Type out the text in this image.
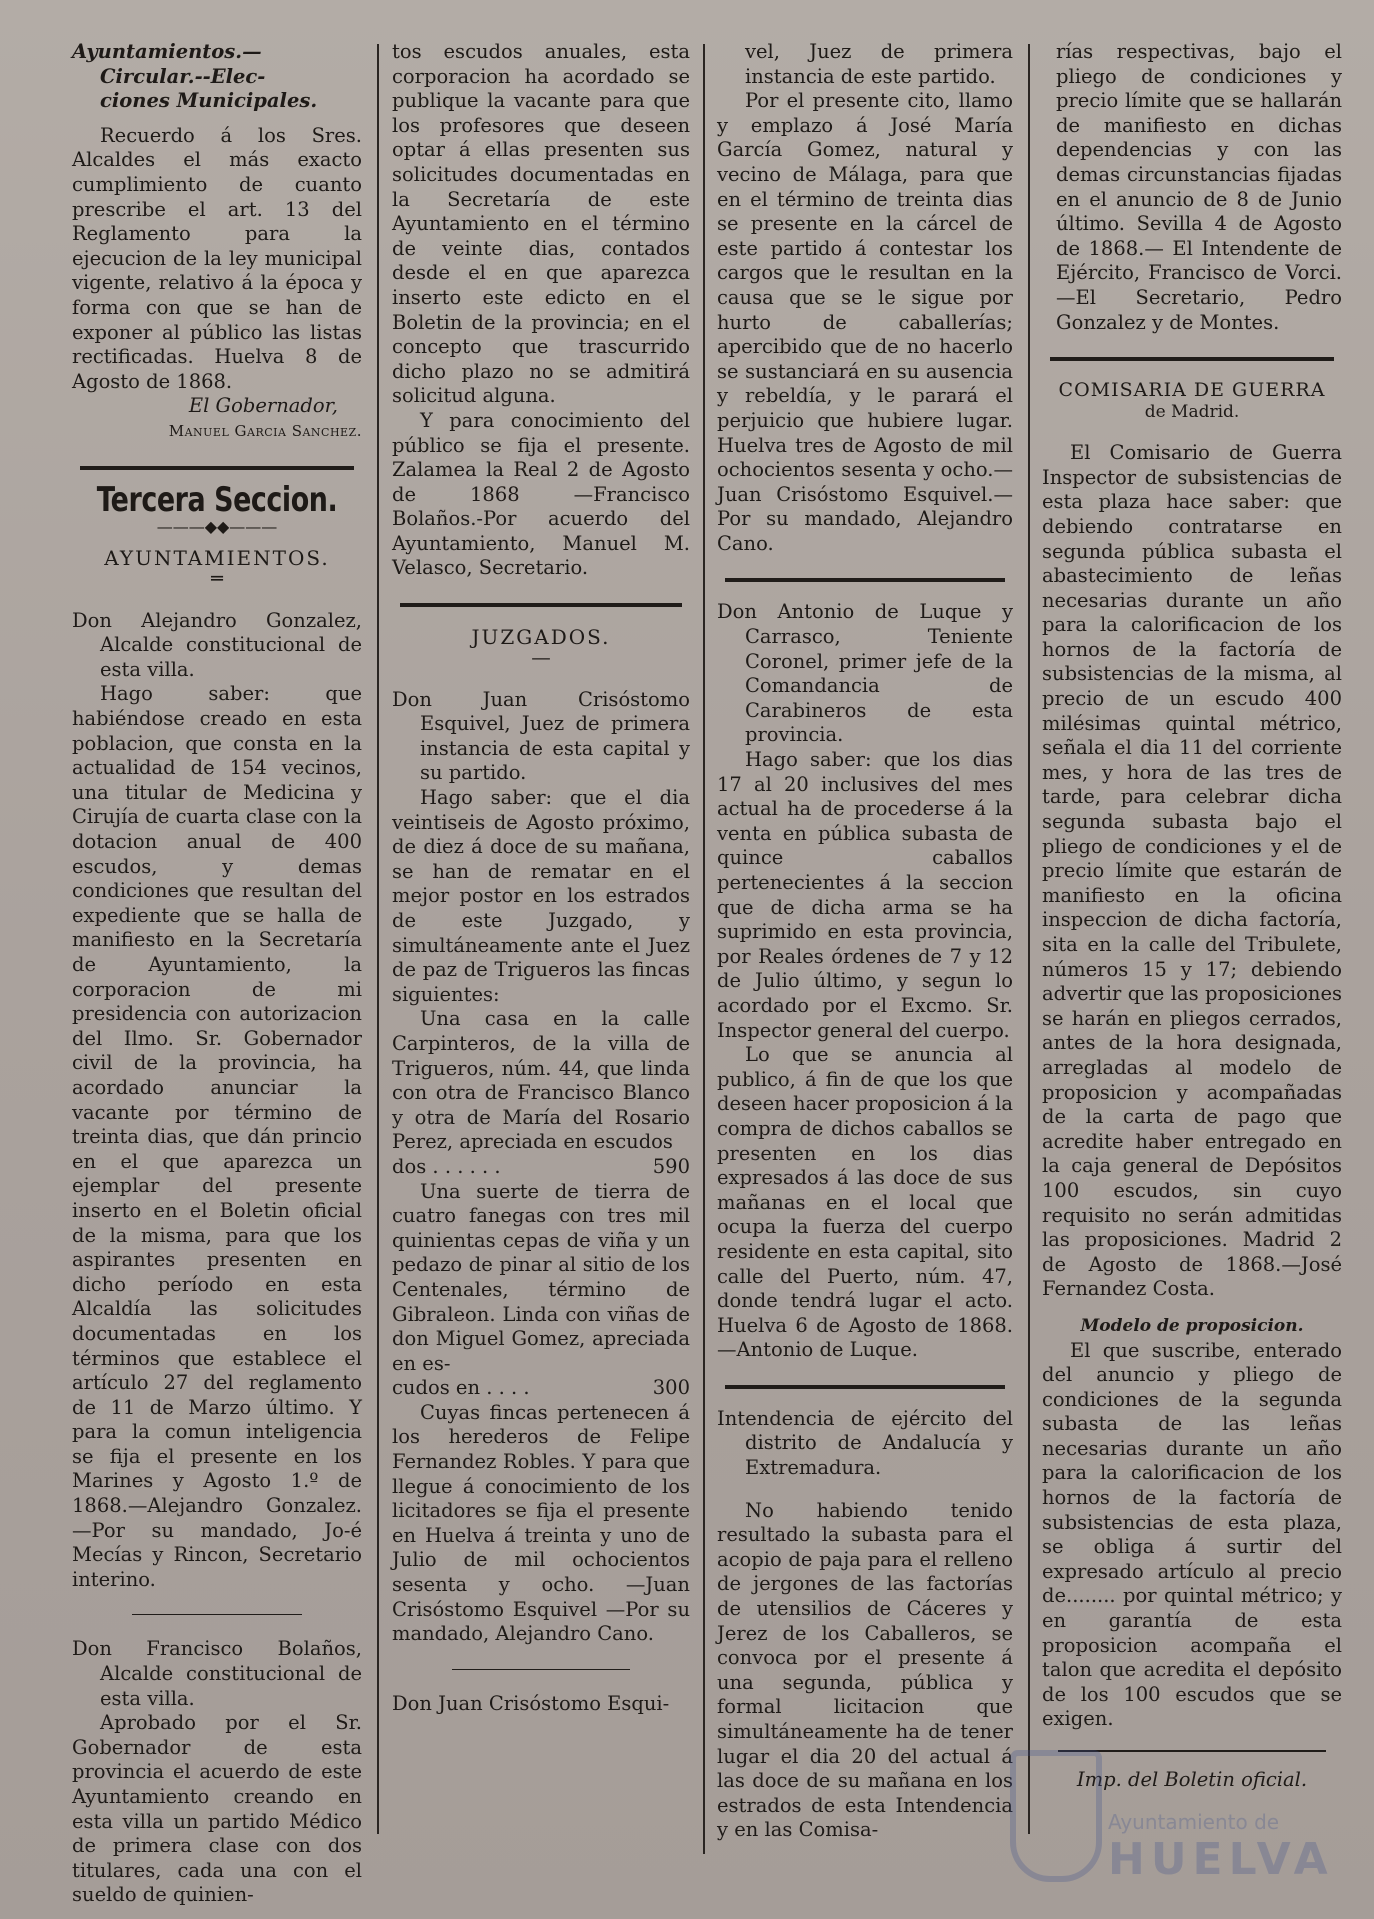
Ayuntamientos.—Circular.--Elec-
ciones Municipales.

Recuerdo á los Sres. Alcaldes el más exacto cumplimiento de cuanto prescribe el art. 13 del Reglamento para la ejecucion de la ley municipal vigente, relativo á la época y forma con que se han de exponer al público las listas rectificadas. Huelva 8 de Agosto de 1868.

El Gobernador,

Manuel Garcia Sanchez.

Tercera Seccion.

———◆◆———

AYUNTAMIENTOS.

═

Don Alejandro Gonzalez, Alcalde constitucional de esta villa.

Hago saber: que habiéndose creado en esta poblacion, que consta en la actualidad de 154 vecinos, una titular de Medicina y Cirujía de cuarta clase con la dotacion anual de 400 escudos, y demas condiciones que resultan del expediente que se halla de manifiesto en la Secretaría de Ayuntamiento, la corporacion de mi presidencia con autorizacion del Ilmo. Sr. Gobernador civil de la provincia, ha acordado anunciar la vacante por término de treinta dias, que dán princio en el que aparezca un ejemplar del presente inserto en el Boletin oficial de la misma, para que los aspirantes presenten en dicho período en esta Alcaldía las solicitudes documentadas en los términos que establece el artículo 27 del reglamento de 11 de Marzo último. Y para la comun inteligencia se fija el presente en los Marines y Agosto 1.º de 1868.—Alejandro Gonzalez. —Por su mandado, Jo-é Mecías y Rincon, Secretario interino.

Don Francisco Bolaños, Alcalde constitucional de esta villa.

Aprobado por el Sr. Gobernador de esta provincia el acuerdo de este Ayuntamiento creando en esta villa un partido Médico de primera clase con dos titulares, cada una con el sueldo de quinien-

tos escudos anuales, esta corporacion ha acordado se publique la vacante para que los profesores que deseen optar á ellas presenten sus solicitudes documentadas en la Secretaría de este Ayuntamiento en el término de veinte dias, contados desde el en que aparezca inserto este edicto en el Boletin de la provincia; en el concepto que trascurrido dicho plazo no se admitirá solicitud alguna.

Y para conocimiento del público se fija el presente. Zalamea la Real 2 de Agosto de 1868 —Francisco Bolaños.-Por acuerdo del Ayuntamiento, Manuel M. Velasco, Secretario.

JUZGADOS.

—

Don Juan Crisóstomo Esquivel, Juez de primera instancia de esta capital y su partido.

Hago saber: que el dia veintiseis de Agosto próximo, de diez á doce de su mañana, se han de rematar en el mejor postor en los estrados de este Juzgado, y simultáneamente ante el Juez de paz de Trigueros las fincas siguientes:

Una casa en la calle Carpinteros, de la villa de Trigueros, núm. 44, que linda con otra de Francisco Blanco y otra de María del Rosario Perez, apreciada en escudos

dos . . . . . .	590

Una suerte de tierra de cuatro fanegas con tres mil quinientas cepas de viña y un pedazo de pinar al sitio de los Centenales, término de Gibraleon. Linda con viñas de don Miguel Gomez, apreciada en es-

cudos en . . . .	300

Cuyas fincas pertenecen á los herederos de Felipe Fernandez Robles. Y para que llegue á conocimiento de los licitadores se fija el presente en Huelva á treinta y uno de Julio de mil ochocientos sesenta y ocho. —Juan Crisóstomo Esquivel —Por su mandado, Alejandro Cano.

Don Juan Crisóstomo Esqui-

vel, Juez de primera instancia de este partido.

Por el presente cito, llamo y emplazo á José María García Gomez, natural y vecino de Málaga, para que en el término de treinta dias se presente en la cárcel de este partido á contestar los cargos que le resultan en la causa que se le sigue por hurto de caballerías; apercibido que de no hacerlo se sustanciará en su ausencia y rebeldía, y le parará el perjuicio que hubiere lugar. Huelva tres de Agosto de mil ochocientos sesenta y ocho.—Juan Crisóstomo Esquivel.—Por su mandado, Alejandro Cano.

Don Antonio de Luque y Carrasco, Teniente Coronel, primer jefe de la Comandancia de Carabineros de esta provincia.

Hago saber: que los dias 17 al 20 inclusives del mes actual ha de procederse á la venta en pública subasta de quince caballos pertenecientes á la seccion que de dicha arma se ha suprimido en esta provincia, por Reales órdenes de 7 y 12 de Julio último, y segun lo acordado por el Excmo. Sr. Inspector general del cuerpo.

Lo que se anuncia al publico, á fin de que los que deseen hacer proposicion á la compra de dichos caballos se presenten en los dias expresados á las doce de sus mañanas en el local que ocupa la fuerza del cuerpo residente en esta capital, sito calle del Puerto, núm. 47, donde tendrá lugar el acto. Huelva 6 de Agosto de 1868.—Antonio de Luque.

Intendencia de ejército del distrito de Andalucía y Extremadura.

No habiendo tenido resultado la subasta para el acopio de paja para el relleno de jergones de las factorías de utensilios de Cáceres y Jerez de los Caballeros, se convoca por el presente á una segunda, pública y formal licitacion que simultáneamente ha de tener lugar el dia 20 del actual á las doce de su mañana en los estrados de esta Intendencia y en las Comisa-

rías respectivas, bajo el pliego de condiciones y precio límite que se hallarán de manifiesto en dichas dependencias y con las demas circunstancias fijadas en el anuncio de 8 de Junio último. Sevilla 4 de Agosto de 1868.— El Intendente de Ejército, Francisco de Vorci.—El Secretario, Pedro Gonzalez y de Montes.

COMISARIA DE GUERRA

de Madrid.

El Comisario de Guerra Inspector de subsistencias de esta plaza hace saber: que debiendo contratarse en segunda pública subasta el abastecimiento de leñas necesarias durante un año para la calorificacion de los hornos de la factoría de subsistencias de la misma, al precio de un escudo 400 milésimas quintal métrico, señala el dia 11 del corriente mes, y hora de las tres de tarde, para celebrar dicha segunda subasta bajo el pliego de condiciones y el de precio límite que estarán de manifiesto en la oficina inspeccion de dicha factoría, sita en la calle del Tribulete, números 15 y 17; debiendo advertir que las proposiciones se harán en pliegos cerrados, antes de la hora designada, arregladas al modelo de proposicion y acompañadas de la carta de pago que acredite haber entregado en la caja general de Depósitos 100 escudos, sin cuyo requisito no serán admitidas las proposiciones. Madrid 2 de Agosto de 1868.—José Fernandez Costa.

Modelo de proposicion.

El que suscribe, enterado del anuncio y pliego de condiciones de la segunda subasta de las leñas necesarias durante un año para la calorificacion de los hornos de la factoría de subsistencias de esta plaza, se obliga á surtir del expresado artículo al precio de........ por quintal métrico; y en garantía de esta proposicion acompaña el talon que acredita el depósito de los 100 escudos que se exigen.

Imp. del Boletin oficial.

Ayuntamiento de
HUELVA
